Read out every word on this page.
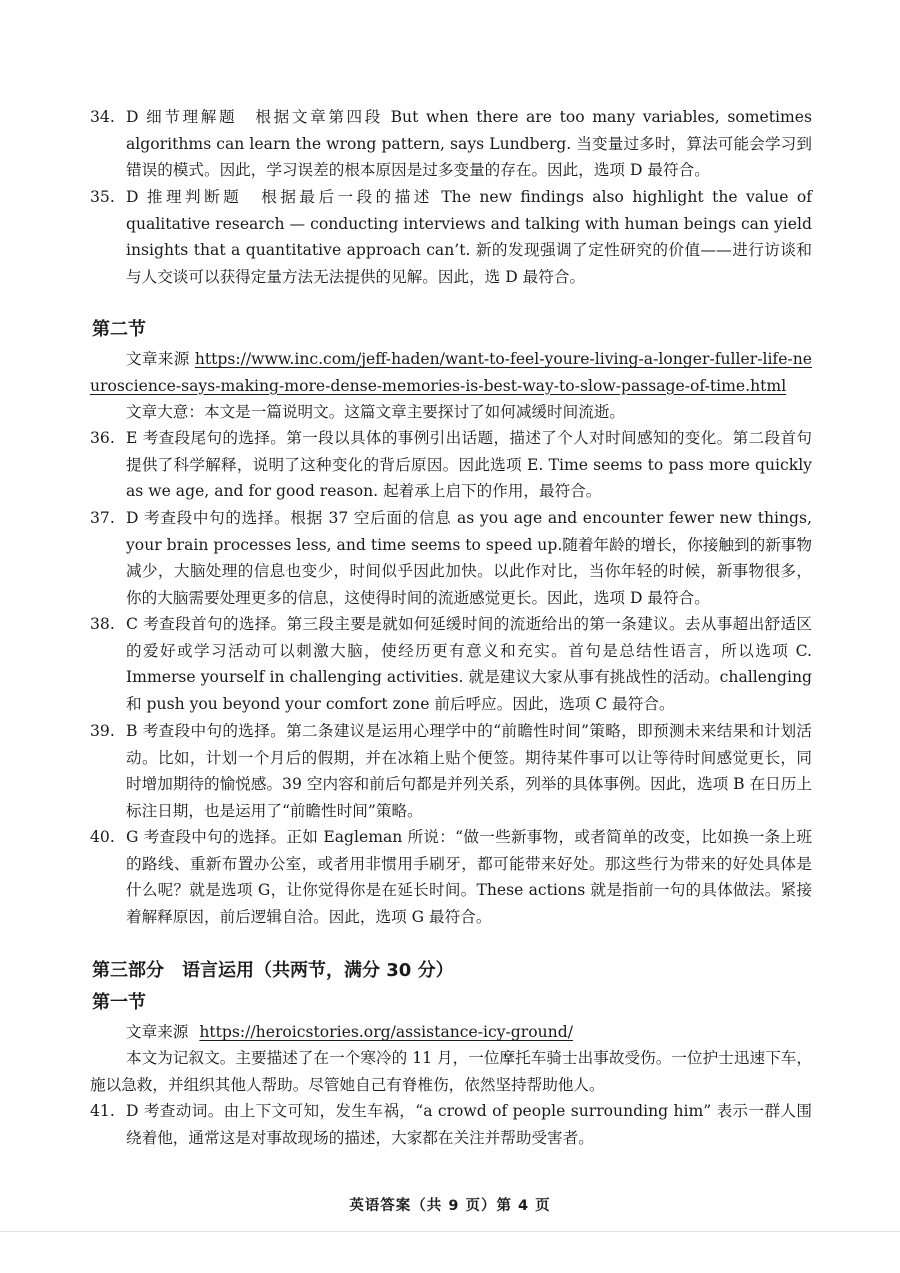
34. D 细节理解题　根据文章第四段 But when there are too many variables, sometimes algorithms can learn the wrong pattern, says Lundberg. 当变量过多时，算法可能会学习到错误的模式。因此，学习误差的根本原因是过多变量的存在。因此，选项 D 最符合。
35. D 推理判断题　根据最后一段的描述 The new findings also highlight the value of qualitative research — conducting interviews and talking with human beings can yield insights that a quantitative approach can’t. 新的发现强调了定性研究的价值——进行访谈和与人交谈可以获得定量方法无法提供的见解。因此，选 D 最符合。
第二节
文章来源 https://www.inc.com/jeff-haden/want-to-feel-youre-living-a-longer-fuller-life-neuroscience-says-making-more-dense-memories-is-best-way-to-slow-passage-of-time.html
文章大意：本文是一篇说明文。这篇文章主要探讨了如何减缓时间流逝。
36. E 考查段尾句的选择。第一段以具体的事例引出话题，描述了个人对时间感知的变化。第二段首句提供了科学解释，说明了这种变化的背后原因。因此选项 E. Time seems to pass more quickly as we age, and for good reason. 起着承上启下的作用，最符合。
37. D 考查段中句的选择。根据 37 空后面的信息 as you age and encounter fewer new things, your brain processes less, and time seems to speed up.随着年龄的增长，你接触到的新事物减少，大脑处理的信息也变少，时间似乎因此加快。以此作对比，当你年轻的时候，新事物很多，你的大脑需要处理更多的信息，这使得时间的流逝感觉更长。因此，选项 D 最符合。
38. C 考查段首句的选择。第三段主要是就如何延缓时间的流逝给出的第一条建议。去从事超出舒适区的爱好或学习活动可以刺激大脑，使经历更有意义和充实。首句是总结性语言，所以选项 C. Immerse yourself in challenging activities. 就是建议大家从事有挑战性的活动。challenging 和 push you beyond your comfort zone 前后呼应。因此，选项 C 最符合。
39. B 考查段中句的选择。第二条建议是运用心理学中的“前瞻性时间”策略，即预测未来结果和计划活动。比如，计划一个月后的假期，并在冰箱上贴个便签。期待某件事可以让等待时间感觉更长，同时增加期待的愉悦感。39 空内容和前后句都是并列关系，列举的具体事例。因此，选项 B 在日历上标注日期，也是运用了“前瞻性时间”策略。
40. G 考查段中句的选择。正如 Eagleman 所说：“做一些新事物，或者简单的改变，比如换一条上班的路线、重新布置办公室，或者用非惯用手刷牙，都可能带来好处。那这些行为带来的好处具体是什么呢？就是选项 G，让你觉得你是在延长时间。These actions 就是指前一句的具体做法。紧接着解释原因，前后逻辑自洽。因此，选项 G 最符合。
第三部分　语言运用（共两节，满分 30 分）
第一节
文章来源 https://heroicstories.org/assistance-icy-ground/
本文为记叙文。主要描述了在一个寒冷的 11 月，一位摩托车骑士出事故受伤。一位护士迅速下车，施以急救，并组织其他人帮助。尽管她自己有脊椎伤，依然坚持帮助他人。
41. D 考查动词。由上下文可知，发生车祸，“a crowd of people surrounding him” 表示一群人围绕着他，通常这是对事故现场的描述，大家都在关注并帮助受害者。
英语答案（共 9 页）第 4 页
